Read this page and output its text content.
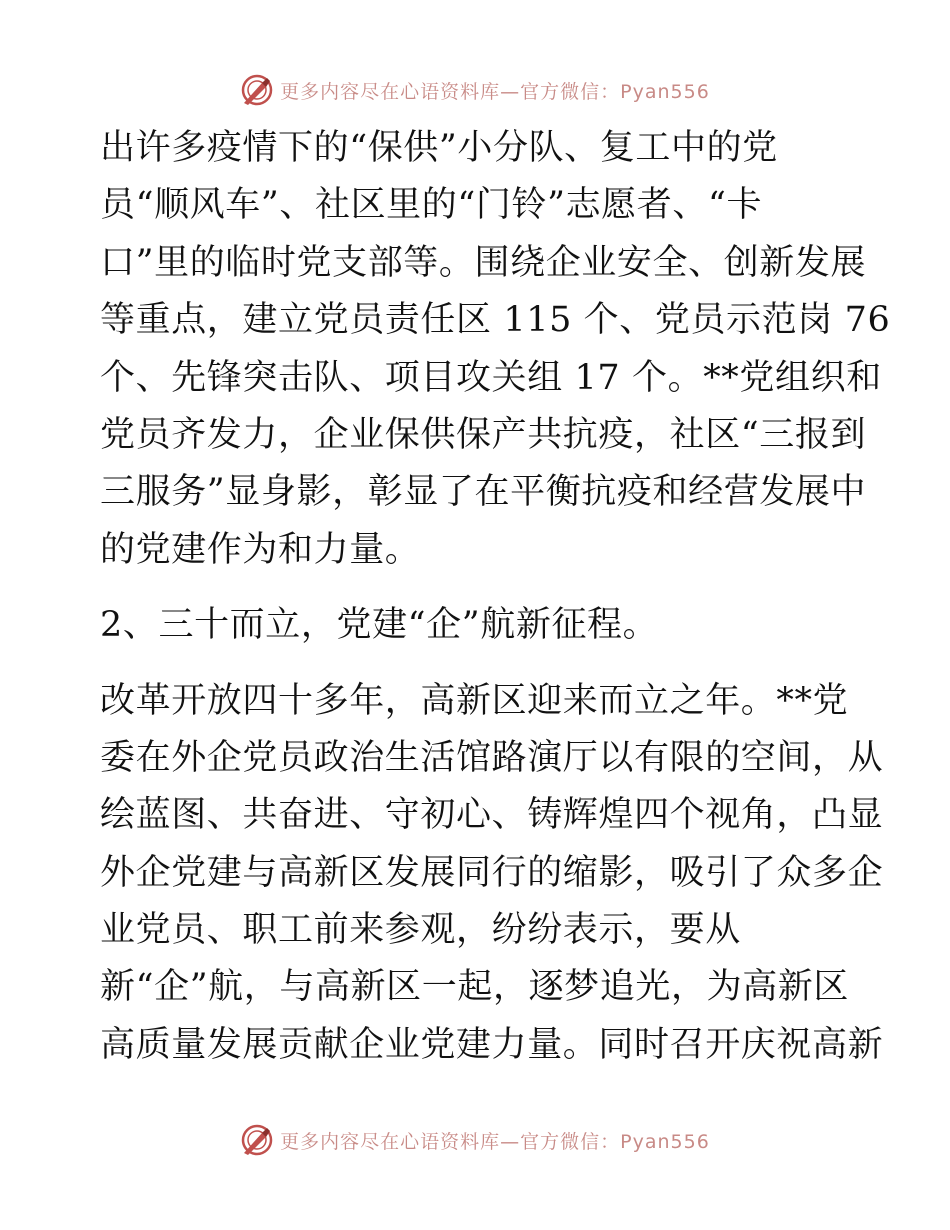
更多内容尽在心语资料库—官方微信：Pyan556
出许多疫情下的“保供”小分队、复工中的党
员“顺风车”、社区里的“门铃”志愿者、“卡
口”里的临时党支部等。围绕企业安全、创新发展
等重点，建立党员责任区 115 个、党员示范岗 76
个、先锋突击队、项目攻关组 17 个。**党组织和
党员齐发力，企业保供保产共抗疫，社区“三报到
三服务”显身影，彰显了在平衡抗疫和经营发展中
的党建作为和力量。
2、三十而立，党建“企”航新征程。
改革开放四十多年，高新区迎来而立之年。**党
委在外企党员政治生活馆路演厅以有限的空间，从
绘蓝图、共奋进、守初心、铸辉煌四个视角，凸显
外企党建与高新区发展同行的缩影，吸引了众多企
业党员、职工前来参观，纷纷表示，要从
新“企”航，与高新区一起，逐梦追光，为高新区
高质量发展贡献企业党建力量。同时召开庆祝高新
更多内容尽在心语资料库—官方微信：Pyan556
